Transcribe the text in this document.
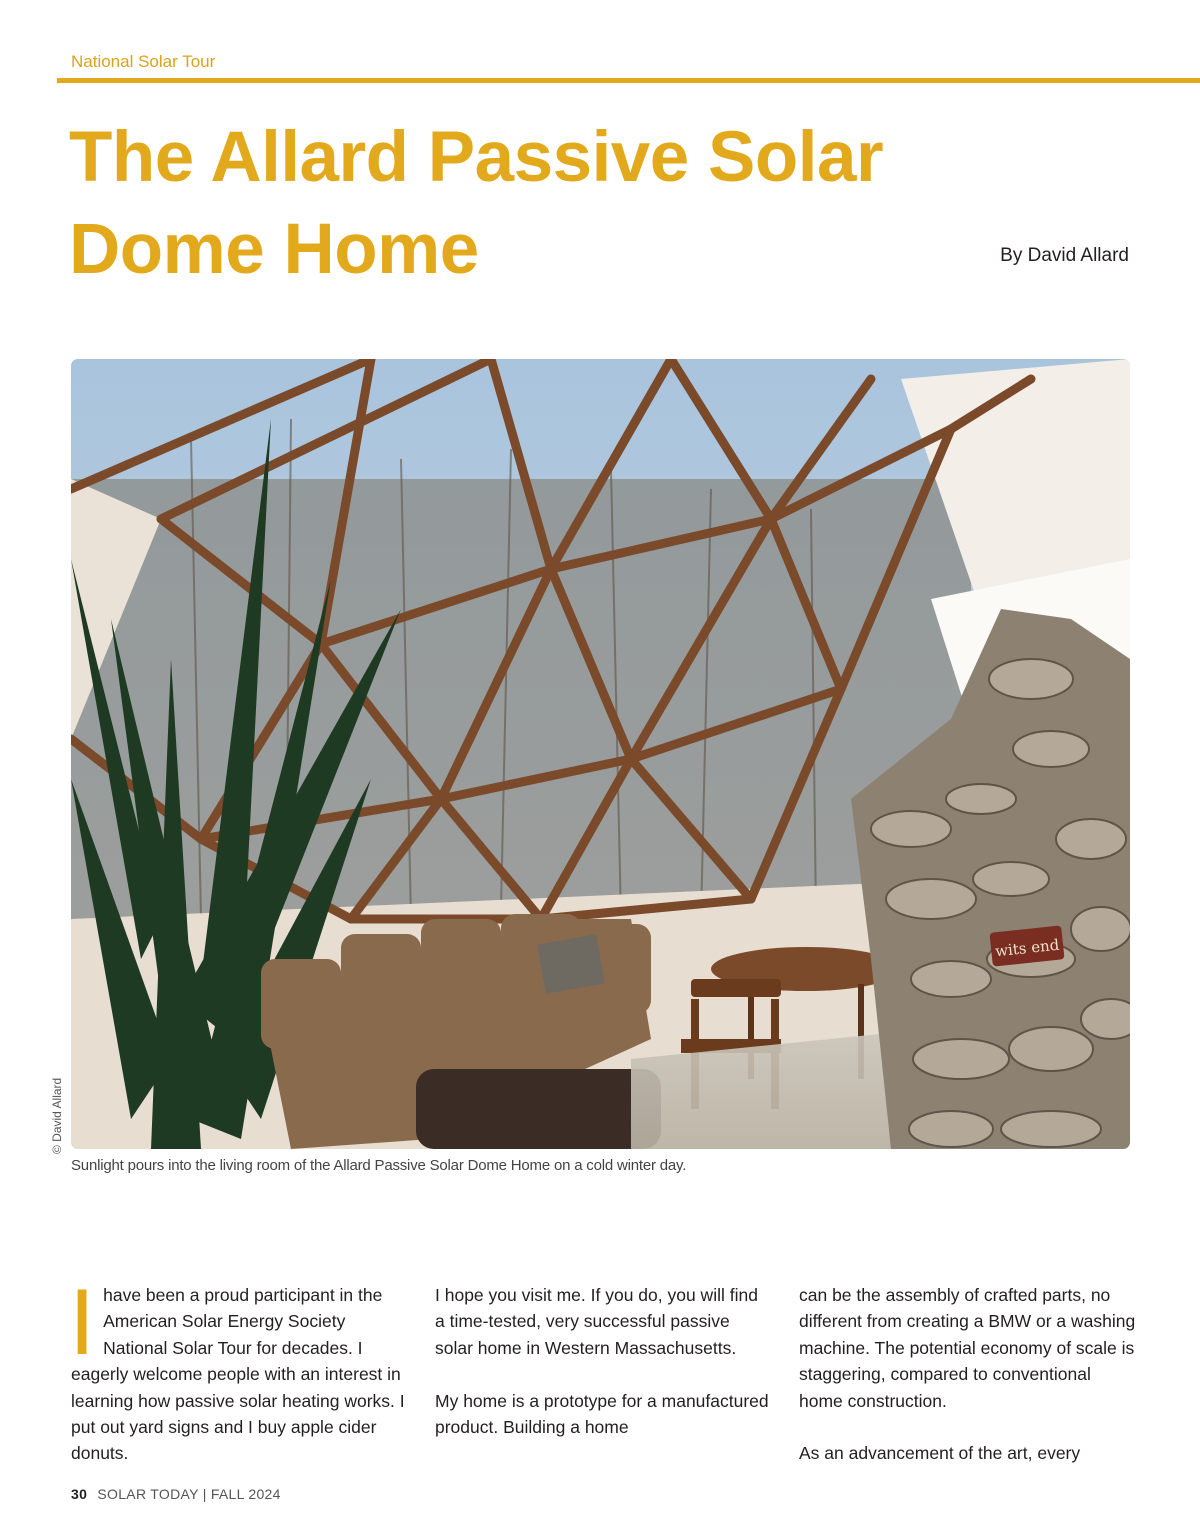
National Solar Tour
The Allard Passive Solar Dome Home	By David Allard
wits end
© David Allard
Sunlight pours into the living room of the Allard Passive Solar Dome Home on a cold winter day.

Ihave been a proud participant in the American Solar Energy Society National Solar Tour for decades. I eagerly welcome people with an interest in learning how passive solar heating works. I put out yard signs and I buy apple cider donuts.

I hope you visit me. If you do, you will find a time-tested, very successful passive solar home in Western Massachusetts.

My home is a prototype for a manufactured product. Building a home

can be the assembly of crafted parts, no different from creating a BMW or a washing machine. The potential economy of scale is staggering, compared to conventional home construction.

As an advancement of the art, every

30 SOLAR TODAY | FALL 2024
